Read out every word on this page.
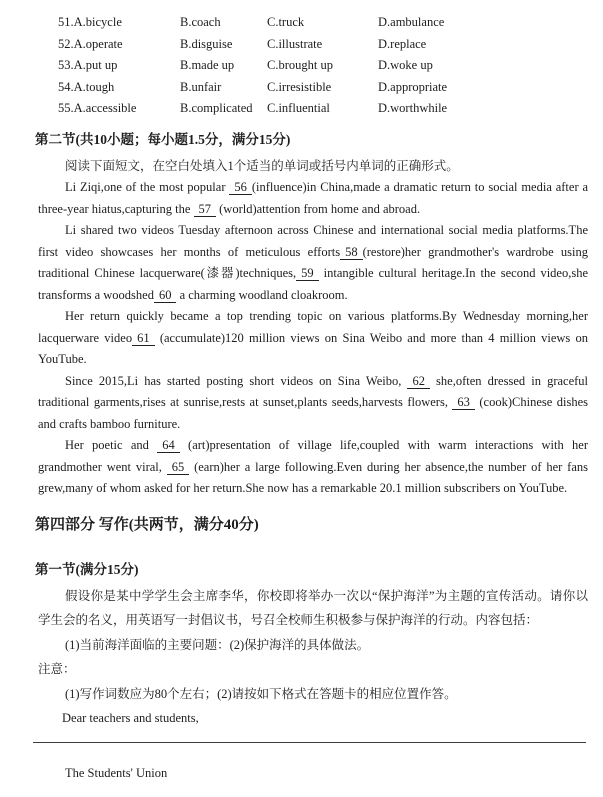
51.A.bicycle	B.coach	C.truck	D.ambulance
52.A.operate	B.disguise	C.illustrate	D.replace
53.A.put up	B.made up	C.brought up	D.woke up
54.A.tough	B.unfair	C.irresistible	D.appropriate
55.A.accessible	B.complicated	C.influential	D.worthwhile
第二节(共10小题；每小题1.5分，满分15分)

阅读下面短文，在空白处填入1个适当的单词或括号内单词的正确形式。

Li Ziqi,one of the most popular 56 (influence)in China,made a dramatic return to social media after a three-year hiatus,capturing the 57 (world)attention from home and abroad.

Li shared two videos Tuesday afternoon across Chinese and international social media platforms.The first video showcases her months of meticulous efforts 58 (restore)her grandmother's wardrobe using traditional Chinese lacquerware(漆器)techniques, 59 intangible cultural heritage.In the second video,she transforms a woodshed 60 a charming woodland cloakroom.

Her return quickly became a top trending topic on various platforms.By Wednesday morning,her lacquerware video 61 (accumulate)120 million views on Sina Weibo and more than 4 million views on YouTube.

Since 2015,Li has started posting short videos on Sina Weibo, 62 she,often dressed in graceful traditional garments,rises at sunrise,rests at sunset,plants seeds,harvests flowers, 63 (cook)Chinese dishes and crafts bamboo furniture.

Her poetic and 64 (art)presentation of village life,coupled with warm interactions with her grandmother went viral, 65 (earn)her a large following.Even during her absence,the number of her fans grew,many of whom asked for her return.She now has a remarkable 20.1 million subscribers on YouTube.

第四部分 写作(共两节，满分40分)
第一节(满分15分)

假设你是某中学学生会主席李华，你校即将举办一次以“保护海洋”为主题的宣传活动。请你以学生会的名义，用英语写一封倡议书，号召全校师生积极参与保护海洋的行动。内容包括：

(1)当前海洋面临的主要问题：(2)保护海洋的具体做法。

注意：

(1)写作词数应为80个左右；(2)请按如下格式在答题卡的相应位置作答。

Dear teachers and students,

The Students' Union
